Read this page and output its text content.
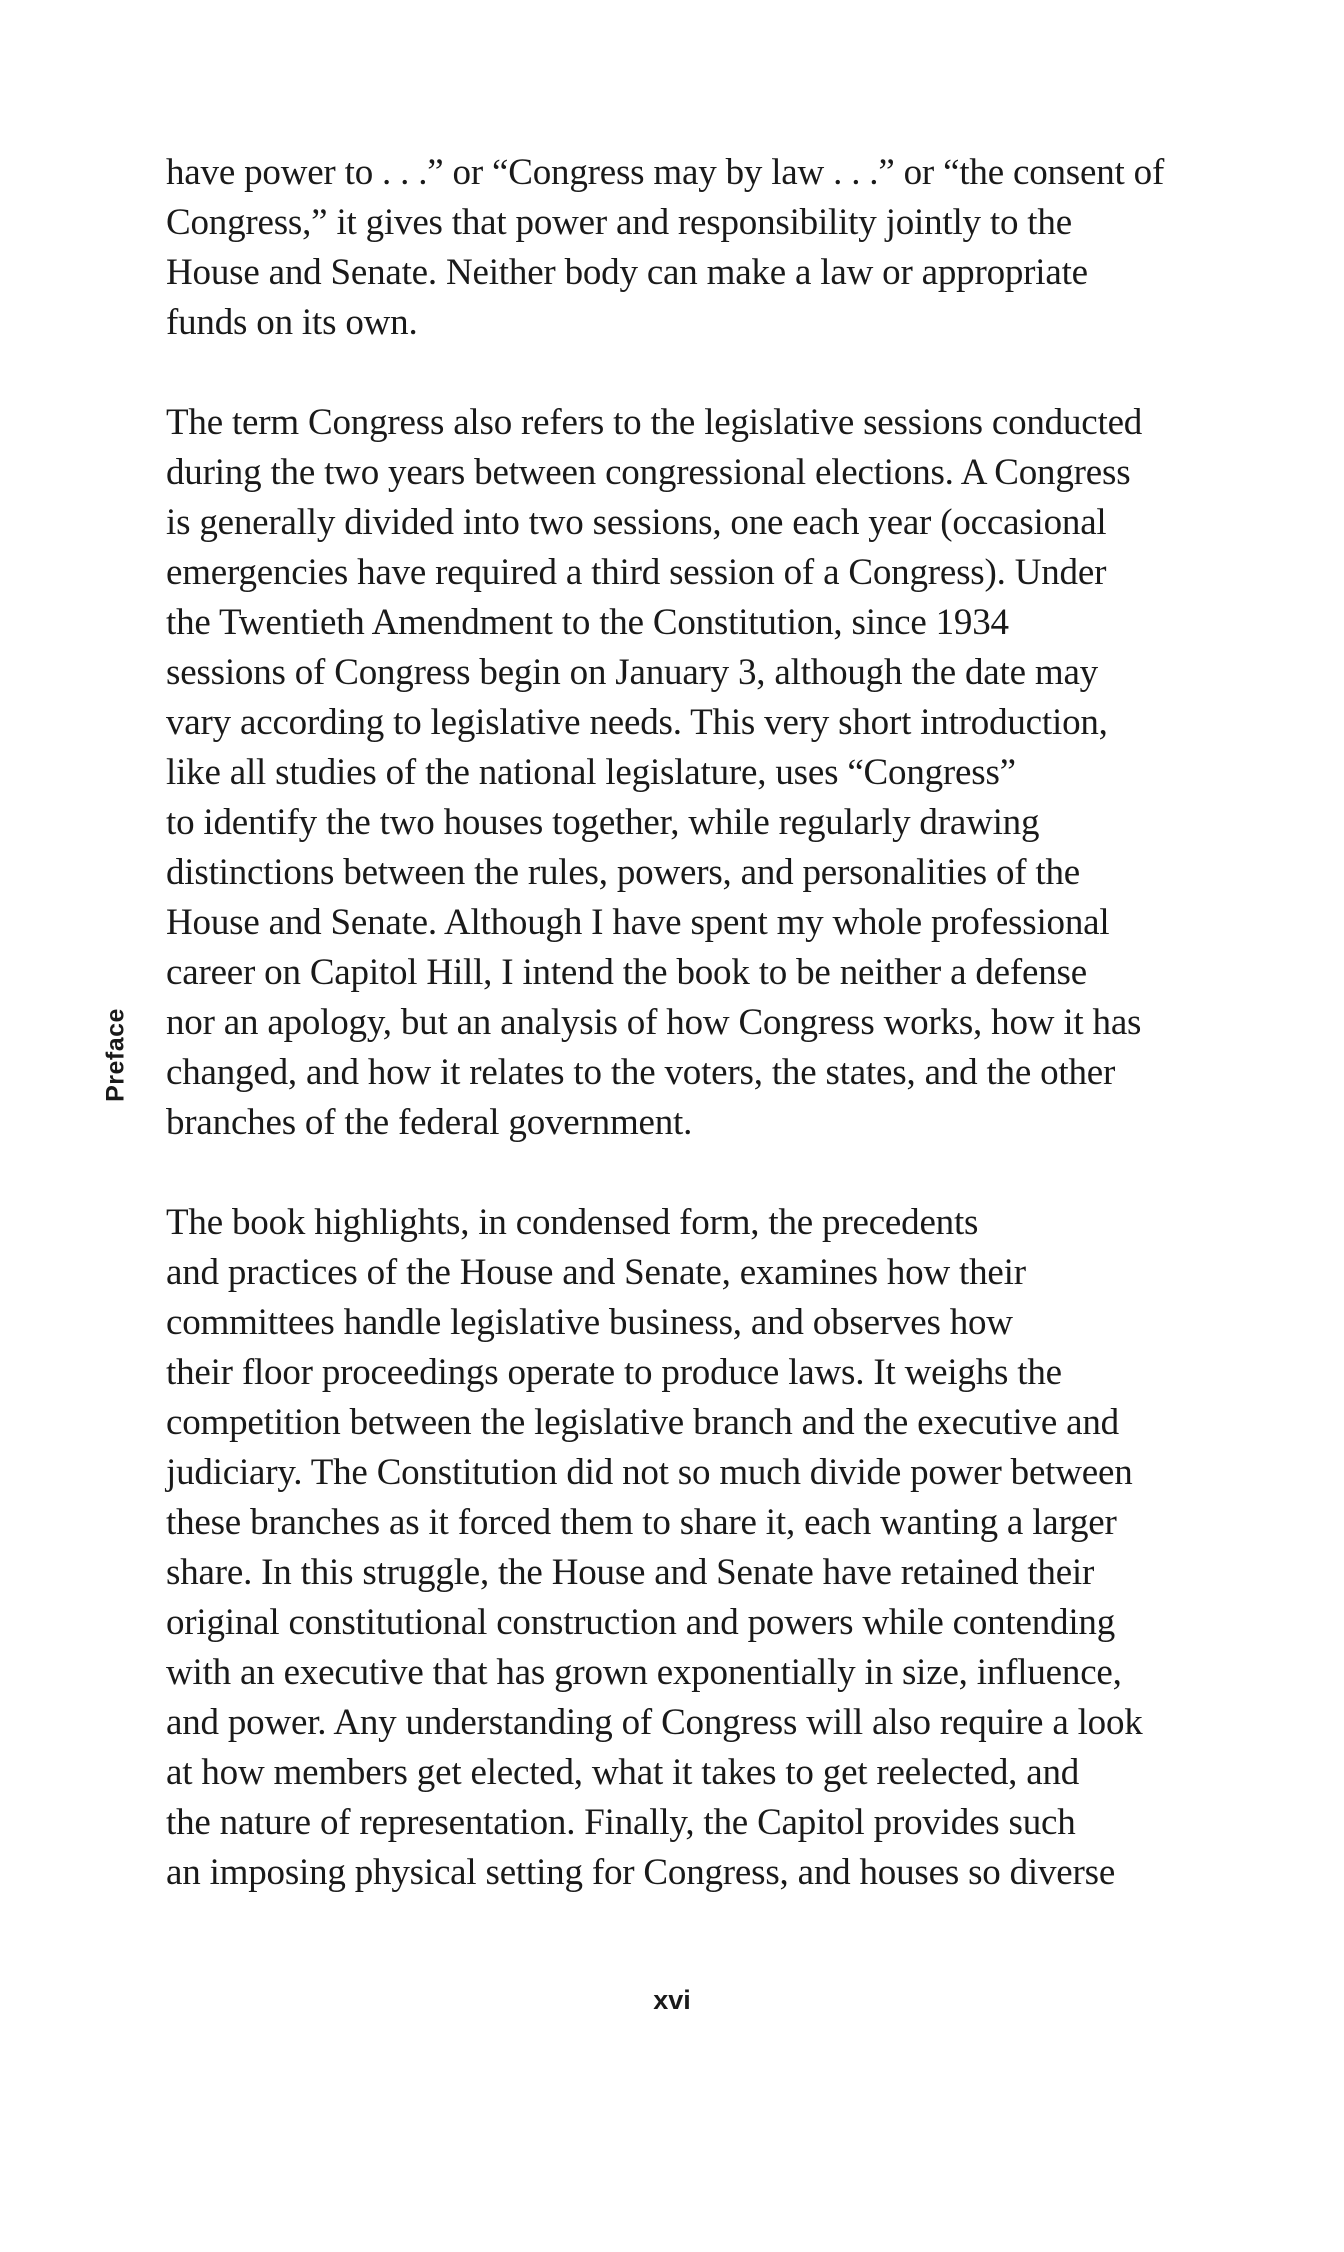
Preface

have power to . . .” or “Congress may by law . . .” or “the consent of
Congress,” it gives that power and responsibility jointly to the
House and Senate. Neither body can make a law or appropriate
funds on its own.

The term Congress also refers to the legislative sessions conducted
during the two years between congressional elections. A Congress
is generally divided into two sessions, one each year (occasional
emergencies have required a third session of a Congress). Under
the Twentieth Amendment to the Constitution, since 1934
sessions of Congress begin on January 3, although the date may
vary according to legislative needs. This very short introduction,
like all studies of the national legislature, uses “Congress”
to identify the two houses together, while regularly drawing
distinctions between the rules, powers, and personalities of the
House and Senate. Although I have spent my whole professional
career on Capitol Hill, I intend the book to be neither a defense
nor an apology, but an analysis of how Congress works, how it has
changed, and how it relates to the voters, the states, and the other
branches of the federal government.

The book highlights, in condensed form, the precedents
and practices of the House and Senate, examines how their
committees handle legislative business, and observes how
their floor proceedings operate to produce laws. It weighs the
competition between the legislative branch and the executive and
judiciary. The Constitution did not so much divide power between
these branches as it forced them to share it, each wanting a larger
share. In this struggle, the House and Senate have retained their
original constitutional construction and powers while contending
with an executive that has grown exponentially in size, influence,
and power. Any understanding of Congress will also require a look
at how members get elected, what it takes to get reelected, and
the nature of representation. Finally, the Capitol provides such
an imposing physical setting for Congress, and houses so diverse

xvi
